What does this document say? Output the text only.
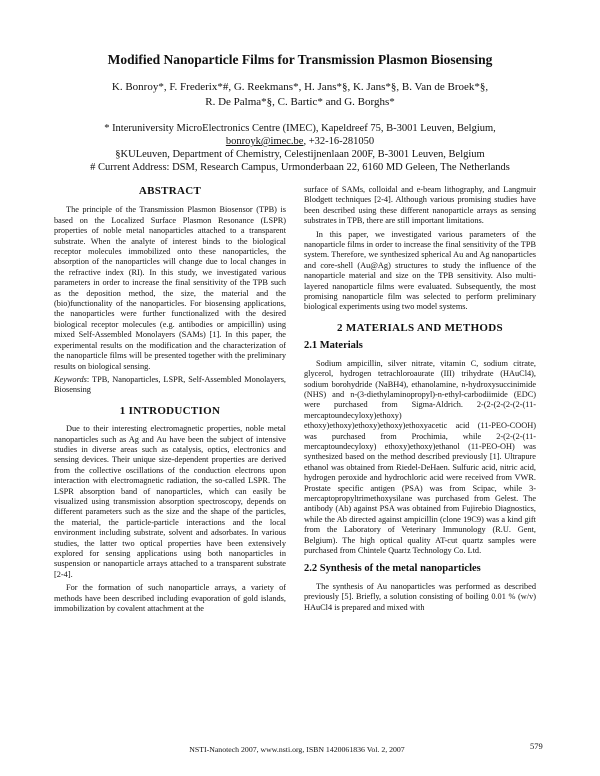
Modified Nanoparticle Films for Transmission Plasmon Biosensing
K. Bonroy*, F. Frederix*#, G. Reekmans*, H. Jans*§, K. Jans*§, B. Van de Broek*§,
R. De Palma*§, C. Bartic* and G. Borghs*
* Interuniversity MicroElectronics Centre (IMEC), Kapeldreef 75, B-3001 Leuven, Belgium,
bonroyk@imec.be, +32-16-281050
§KULeuven, Department of Chemistry, Celestijnenlaan 200F, B-3001 Leuven, Belgium
# Current Address: DSM, Research Campus, Urmonderbaan 22, 6160 MD Geleen, The Netherlands
ABSTRACT

The principle of the Transmission Plasmon Biosensor (TPB) is based on the Localized Surface Plasmon Resonance (LSPR) properties of noble metal nanoparticles attached to a transparent substrate. When the analyte of interest binds to the biological receptor molecules immobilized onto these nanoparticles, the absorption of the nanoparticles will change due to local changes in the refractive index (RI). In this study, we investigated various parameters in order to increase the final sensitivity of the TPB such as the deposition method, the size, the material and the (bio)functionality of the nanoparticles. For biosensing applications, the nanoparticles were further functionalized with the desired biological receptor molecules (e.g. antibodies or ampicillin) using mixed Self-Assembled Monolayers (SAMs) [1]. In this paper, the experimental results on the modification and the characterization of the nanoparticle films will be presented together with the preliminary results on biological sensing.

Keywords: TPB, Nanoparticles, LSPR, Self-Assembled Monolayers, Biosensing

1 INTRODUCTION

Due to their interesting electromagnetic properties, noble metal nanoparticles such as Ag and Au have been the subject of intensive studies in diverse areas such as catalysis, optics, electronics and sensing devices. Their unique size-dependent properties are derived from the collective oscillations of the conduction electrons upon interaction with electromagnetic radiation, the so-called LSPR. The LSPR absorption band of nanoparticles, which can easily be visualized using transmission absorption spectroscopy, depends on different parameters such as the size and the shape of the particles, the material, the particle-particle interactions and the local environment including substrate, solvent and adsorbates. In various studies, the latter two optical properties have been extensively explored for sensing applications using both nanoparticles in suspension or nanoparticle arrays attached to a transparent substrate [2-4].

For the formation of such nanoparticle arrays, a variety of methods have been described including evaporation of gold islands, immobilization by covalent attachment at the

surface of SAMs, colloidal and e-beam lithography, and Langmuir Blodgett techniques [2-4]. Although various promising studies have been described using these different nanoparticle arrays as sensing substrates in TPB, there are still important limitations.

In this paper, we investigated various parameters of the nanoparticle films in order to increase the final sensitivity of the TPB system. Therefore, we synthesized spherical Au and Ag nanoparticles and core-shell (Au@Ag) structures to study the influence of the nanoparticle material and size on the TPB sensitivity. Also multi-layered nanoparticle films were evaluated. Subsequently, the most promising nanoparticle film was selected to perform preliminary biological experiments using two model systems.

2 MATERIALS AND METHODS
2.1 Materials

Sodium ampicillin, silver nitrate, vitamin C, sodium citrate, glycerol, hydrogen tetrachloroaurate (III) trihydrate (HAuCl4), sodium borohydride (NaBH4), ethanolamine, n-hydroxysuccinimide (NHS) and n-(3-diethylaminopropyl)-n-ethyl-carbodiimide (EDC) were purchased from Sigma-Aldrich. 2-(2-(2-(2-(2-(11-mercaptoundecyloxy)ethoxy) ethoxy)ethoxy)ethoxy)ethoxy)ethoxyacetic acid (11-PEO-COOH) was purchased from Prochimia, while 2-(2-(2-(11-mercaptoundecyloxy) ethoxy)ethoxy)ethanol (11-PEO-OH) was synthesized based on the method described previously [1]. Ultrapure ethanol was obtained from Riedel-DeHaen. Sulfuric acid, nitric acid, hydrogen peroxide and hydrochloric acid were received from VWR. Prostate specific antigen (PSA) was from Scipac, while 3-mercaptopropyltrimethoxysilane was purchased from Gelest. The antibody (Ab) against PSA was obtained from Fujirebio Diagnostics, while the Ab directed against ampicillin (clone 19C9) was a kind gift from the Laboratory of Veterinary Immunology (R.U. Gent, Belgium). The high optical quality AT-cut quartz samples were purchased from Chintele Quartz Technology Co. Ltd.

2.2 Synthesis of the metal nanoparticles

The synthesis of Au nanoparticles was performed as described previously [5]. Briefly, a solution consisting of boiling 0.01 % (w/v) HAuCl4 is prepared and mixed with

NSTI-Nanotech 2007, www.nsti.org, ISBN 1420061836 Vol. 2, 2007	579
